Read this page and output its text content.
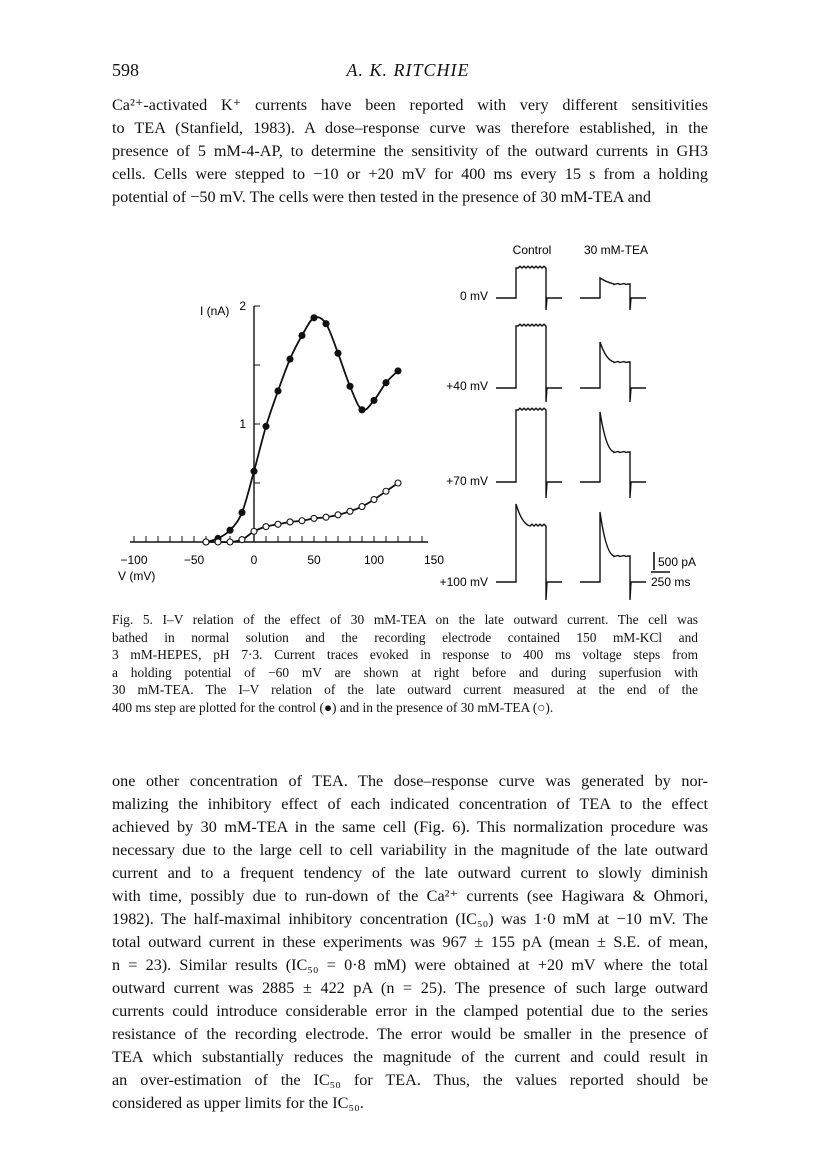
598	A. K. RITCHIE

Ca²⁺-activated K⁺ currents have been reported with very different sensitivities
to TEA (Stanfield, 1983). A dose–response curve was therefore established, in the
presence of 5 mM-4-AP, to determine the sensitivity of the outward currents in GH3
cells. Cells were stepped to −10 or +20 mV for 400 ms every 15 s from a holding
potential of −50 mV. The cells were then tested in the presence of 30 mM-TEA and

−100	−50	0	50	100	150
1
2
I (nA)
V (mV)
Control	30 mM-TEA
0 mV
+40 mV
+70 mV
+100 mV
500 pA
250 ms

Fig. 5. I–V relation of the effect of 30 mM-TEA on the late outward current. The cell was
bathed in normal solution and the recording electrode contained 150 mM-KCl and
3 mM-HEPES, pH 7·3. Current traces evoked in response to 400 ms voltage steps from
a holding potential of −60 mV are shown at right before and during superfusion with
30 mM-TEA. The I–V relation of the late outward current measured at the end of the
400 ms step are plotted for the control (●) and in the presence of 30 mM-TEA (○).

one other concentration of TEA. The dose–response curve was generated by nor-
malizing the inhibitory effect of each indicated concentration of TEA to the effect
achieved by 30 mM-TEA in the same cell (Fig. 6). This normalization procedure was
necessary due to the large cell to cell variability in the magnitude of the late outward
current and to a frequent tendency of the late outward current to slowly diminish
with time, possibly due to run-down of the Ca²⁺ currents (see Hagiwara & Ohmori,
1982). The half-maximal inhibitory concentration (IC₅₀) was 1·0 mM at −10 mV. The
total outward current in these experiments was 967 ± 155 pA (mean ± S.E. of mean,
n = 23). Similar results (IC₅₀ = 0·8 mM) were obtained at +20 mV where the total
outward current was 2885 ± 422 pA (n = 25). The presence of such large outward
currents could introduce considerable error in the clamped potential due to the series
resistance of the recording electrode. The error would be smaller in the presence of
TEA which substantially reduces the magnitude of the current and could result in
an over-estimation of the IC₅₀ for TEA. Thus, the values reported should be
considered as upper limits for the IC₅₀.
